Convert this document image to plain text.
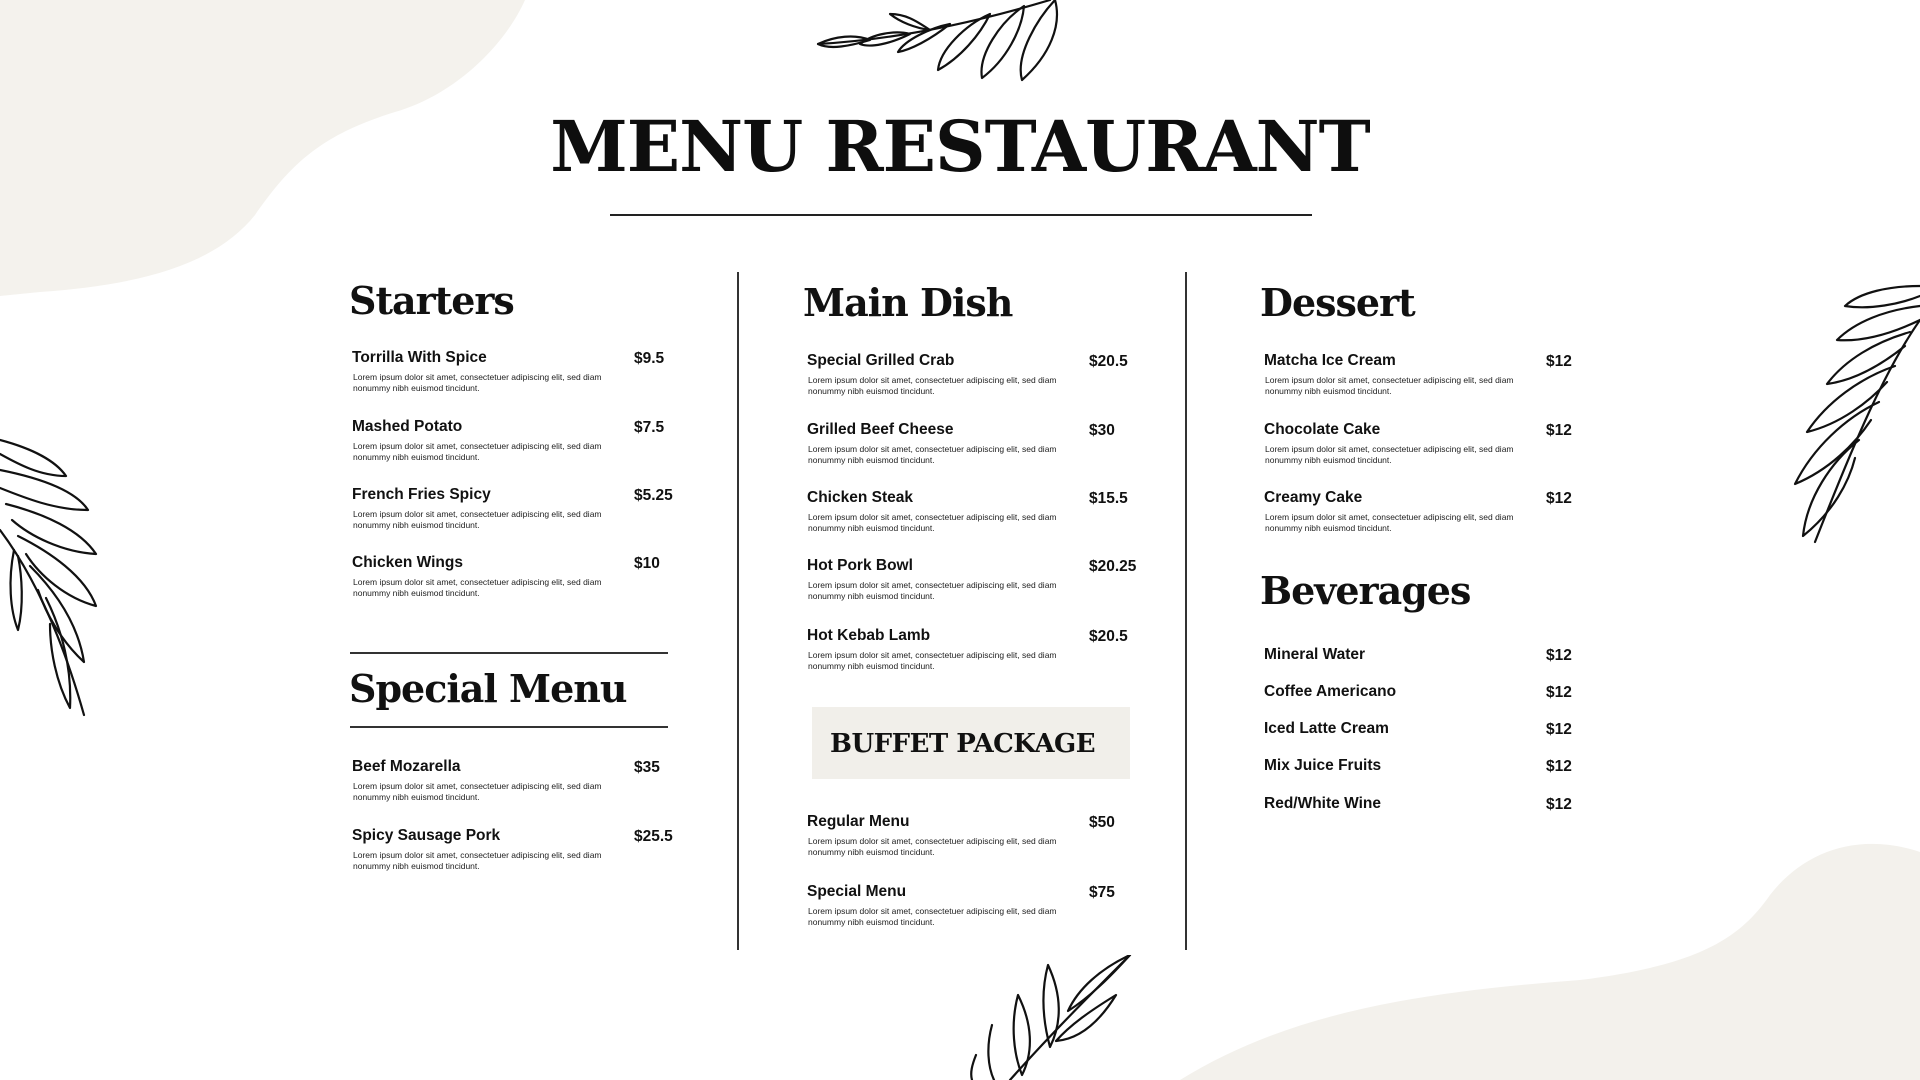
MENU RESTAURANT
Starters
Torrilla With Spice	$9.5
Lorem ipsum dolor sit amet, consectetuer adipiscing elit, sed diam nonummy nibh euismod tincidunt.
Mashed Potato	$7.5
Lorem ipsum dolor sit amet, consectetuer adipiscing elit, sed diam nonummy nibh euismod tincidunt.
French Fries Spicy	$5.25
Lorem ipsum dolor sit amet, consectetuer adipiscing elit, sed diam nonummy nibh euismod tincidunt.
Chicken Wings	$10
Lorem ipsum dolor sit amet, consectetuer adipiscing elit, sed diam nonummy nibh euismod tincidunt.
Special Menu
Beef Mozarella	$35
Lorem ipsum dolor sit amet, consectetuer adipiscing elit, sed diam nonummy nibh euismod tincidunt.
Spicy Sausage Pork	$25.5
Lorem ipsum dolor sit amet, consectetuer adipiscing elit, sed diam nonummy nibh euismod tincidunt.
Main Dish
Special Grilled Crab	$20.5
Lorem ipsum dolor sit amet, consectetuer adipiscing elit, sed diam nonummy nibh euismod tincidunt.
Grilled Beef Cheese	$30
Lorem ipsum dolor sit amet, consectetuer adipiscing elit, sed diam nonummy nibh euismod tincidunt.
Chicken Steak	$15.5
Lorem ipsum dolor sit amet, consectetuer adipiscing elit, sed diam nonummy nibh euismod tincidunt.
Hot Pork Bowl	$20.25
Lorem ipsum dolor sit amet, consectetuer adipiscing elit, sed diam nonummy nibh euismod tincidunt.
Hot Kebab Lamb	$20.5
Lorem ipsum dolor sit amet, consectetuer adipiscing elit, sed diam nonummy nibh euismod tincidunt.
BUFFET PACKAGE
Regular Menu	$50
Lorem ipsum dolor sit amet, consectetuer adipiscing elit, sed diam nonummy nibh euismod tincidunt.
Special Menu	$75
Lorem ipsum dolor sit amet, consectetuer adipiscing elit, sed diam nonummy nibh euismod tincidunt.
Dessert
Matcha Ice Cream	$12
Lorem ipsum dolor sit amet, consectetuer adipiscing elit, sed diam nonummy nibh euismod tincidunt.
Chocolate Cake	$12
Lorem ipsum dolor sit amet, consectetuer adipiscing elit, sed diam nonummy nibh euismod tincidunt.
Creamy Cake	$12
Lorem ipsum dolor sit amet, consectetuer adipiscing elit, sed diam nonummy nibh euismod tincidunt.
Beverages
Mineral Water	$12
Coffee Americano	$12
Iced Latte Cream	$12
Mix Juice Fruits	$12
Red/White Wine	$12
